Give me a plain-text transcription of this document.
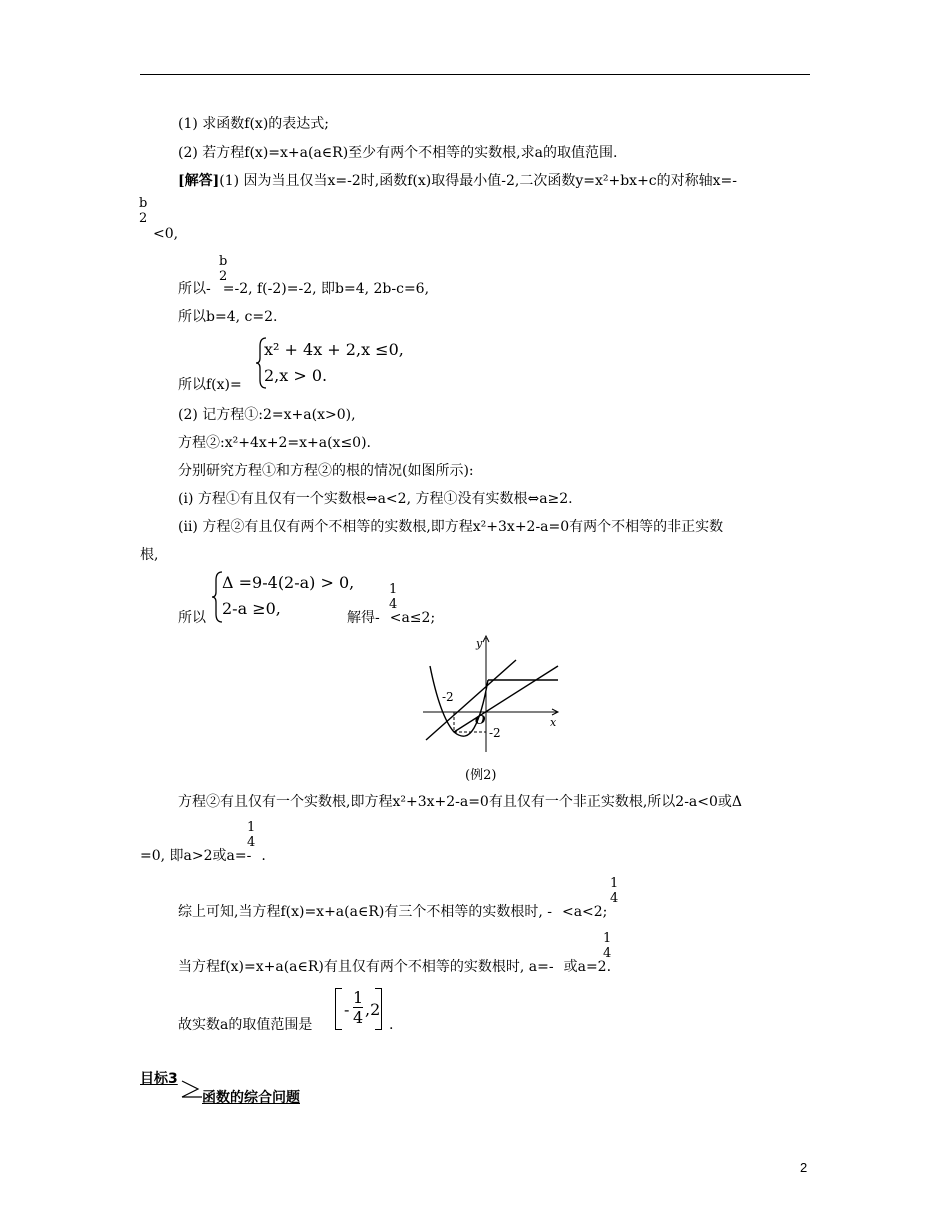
(1) 求函数f(x)的表达式;
(2) 若方程f(x)=x+a(a∈R)至少有两个不相等的实数根,求a的取值范围.
[解答](1) 因为当且仅当x=-2时,函数f(x)取得最小值-2,二次函数y=x²+bx+c的对称轴x=-
b
2
<0,
所以- =-2, f(-2)=-2, 即b=4, 2b-c=6,
b
2
所以b=4, c=2.
所以f(x)=
x² + 4x + 2,x ≤0,
2,x > 0.
(2) 记方程①:2=x+a(x>0),
方程②:x²+4x+2=x+a(x≤0).
分别研究方程①和方程②的根的情况(如图所示):
(ⅰ) 方程①有且仅有一个实数根⇔a<2, 方程①没有实数根⇔a≥2.
(ⅱ) 方程②有且仅有两个不相等的实数根,即方程x²+3x+2-a=0有两个不相等的非正实数
根,
所以
Δ =9-4(2-a) > 0,
2-a ≥0,	解得- <a≤2;
1
4
y
x
O
-2
-2
(例2)
方程②有且仅有一个实数根,即方程x²+3x+2-a=0有且仅有一个非正实数根,所以2-a<0或Δ
=0, 即a>2或a=- .
1
4
综上可知,当方程f(x)=x+a(a∈R)有三个不相等的实数根时, - <a<2;
1
4
当方程f(x)=x+a(a∈R)有且仅有两个不相等的实数根时, a=- 或a=2.
1
4
故实数a的取值范围是
- $\frac{1}{4} ,2$
.
目标3
函数的综合问题
2
